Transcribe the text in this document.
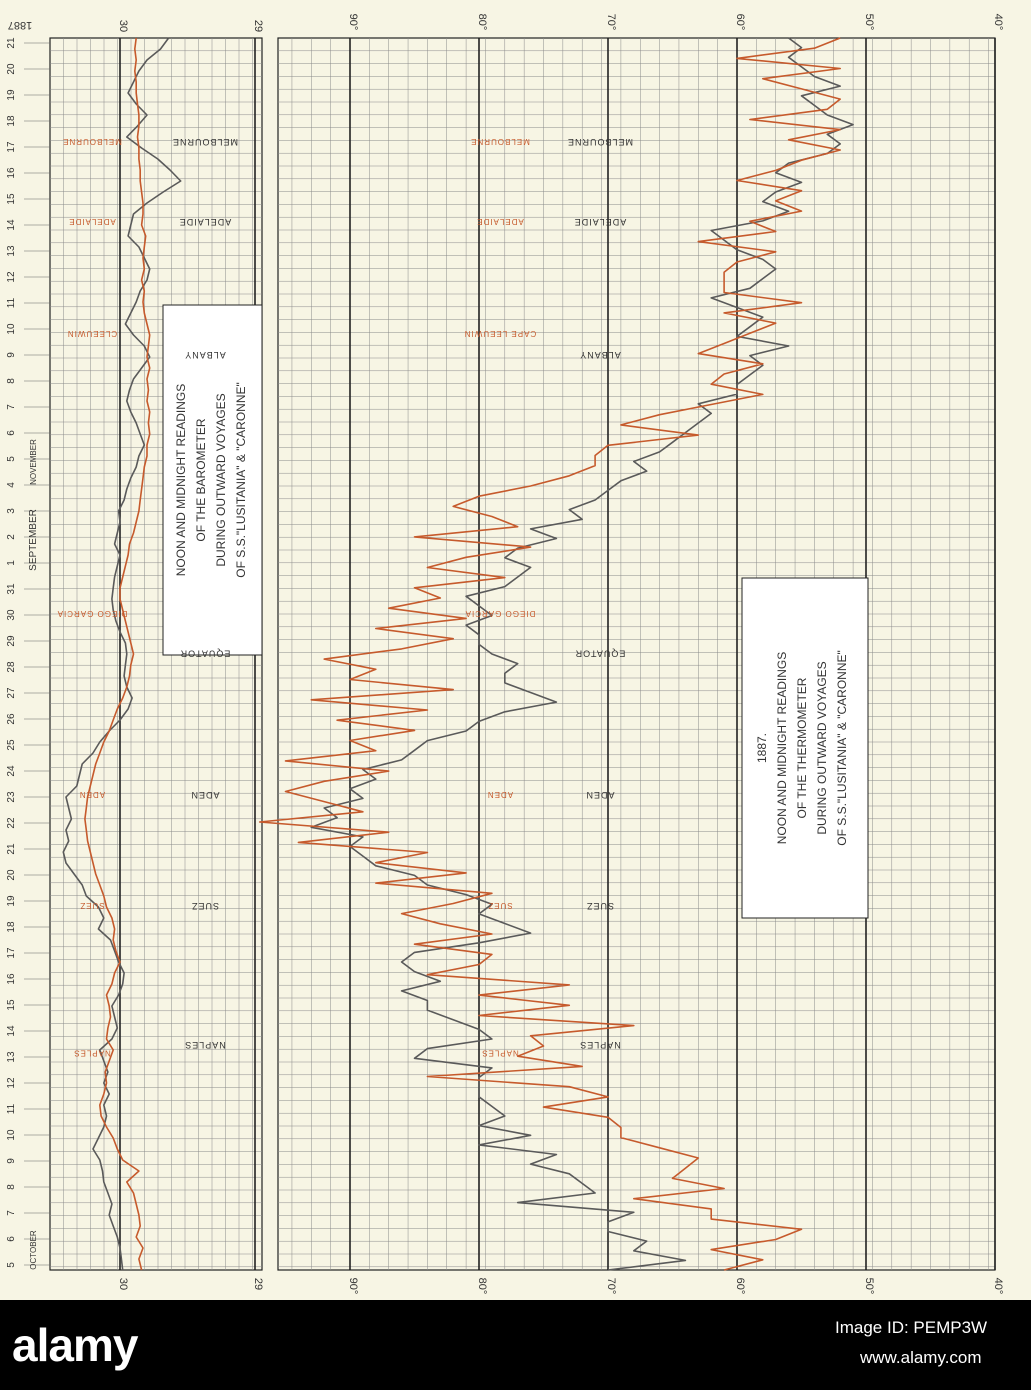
30
30
29
29
NOON AND MIDNIGHT READINGS OF THE BAROMETER DURING OUTWARD VOYAGES OF S.S."LUSITANIA" & "CARONNE"
NAPLES
SUEZ
ADEN
EQUATOR
ALBANY
ADELAIDE
MELBOURNE
NAPLES
SUEZ
ADEN
DIEGO GARCIA
CLEEUWIN
ADELAIDE
MELBOURNE
90°
90°
80°
80°
70°
70°
60°
60°
50°
50°
40°
40°
1887. NOON AND MIDNIGHT READINGS OF THE THERMOMETER DURING OUTWARD VOYAGES OF S.S."LUSITANIA" & "CARONNE"
NAPLES
SUEZ
ADEN
EQUATOR
ALBANY
ADELAIDE
MELBOURNE
NAPLES
SUEZ
ADEN
DIEGO GARCIA
CAPE LEEUWIN
ADELAIDE
MELBOURNE
5
6
7
8
9
10
11
12
13
14
15
16
17
18
19
20
21
22
23
24
25
26
27
28
29
30
31
1
2
3
4
5
6
7
8
9
10
11
12
13
14
15
16
17
18
19
20
21
OCTOBER
NOVEMBER
SEPTEMBER
1887
alamy	Image ID: PEMP3W
www.alamy.com
